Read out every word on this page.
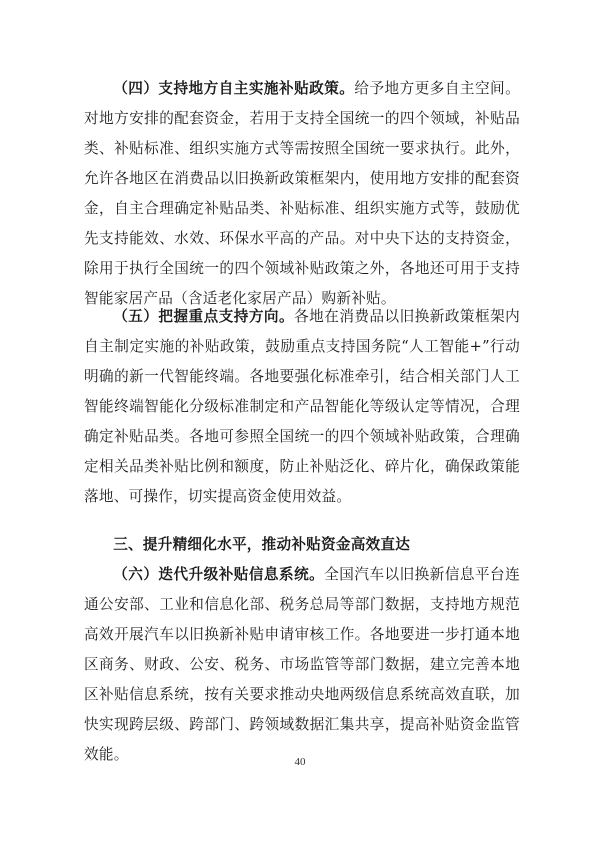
（四）支持地方自主实施补贴政策。给予地方更多自主空间。对地方安排的配套资金，若用于支持全国统一的四个领域，补贴品类、补贴标准、组织实施方式等需按照全国统一要求执行。此外，允许各地区在消费品以旧换新政策框架内，使用地方安排的配套资金，自主合理确定补贴品类、补贴标准、组织实施方式等，鼓励优先支持能效、水效、环保水平高的产品。对中央下达的支持资金，除用于执行全国统一的四个领域补贴政策之外，各地还可用于支持智能家居产品（含适老化家居产品）购新补贴。

（五）把握重点支持方向。各地在消费品以旧换新政策框架内自主制定实施的补贴政策，鼓励重点支持国务院“人工智能+”行动明确的新一代智能终端。各地要强化标准牵引，结合相关部门人工智能终端智能化分级标准制定和产品智能化等级认定等情况，合理确定补贴品类。各地可参照全国统一的四个领域补贴政策，合理确定相关品类补贴比例和额度，防止补贴泛化、碎片化，确保政策能落地、可操作，切实提高资金使用效益。

三、提升精细化水平，推动补贴资金高效直达

（六）迭代升级补贴信息系统。全国汽车以旧换新信息平台连通公安部、工业和信息化部、税务总局等部门数据，支持地方规范高效开展汽车以旧换新补贴申请审核工作。各地要进一步打通本地区商务、财政、公安、税务、市场监管等部门数据，建立完善本地区补贴信息系统，按有关要求推动央地两级信息系统高效直联，加快实现跨层级、跨部门、跨领域数据汇集共享，提高补贴资金监管效能。	40
